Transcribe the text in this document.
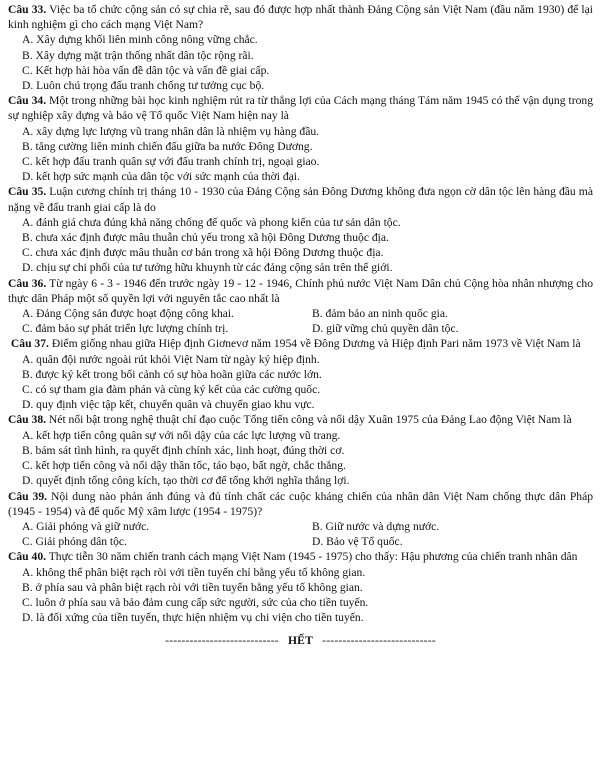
Câu 33. Việc ba tổ chức cộng sản có sự chia rẽ, sau đó được hợp nhất thành Đảng Cộng sản Việt Nam (đầu năm 1930) để lại kinh nghiệm gì cho cách mạng Việt Nam?

A. Xây dựng khối liên minh công nông vững chắc.

B. Xây dựng mặt trận thống nhất dân tộc rộng rãi.

C. Kết hợp hài hòa vấn đề dân tộc và vấn đề giai cấp.

D. Luôn chú trọng đấu tranh chống tư tưởng cục bộ.

Câu 34. Một trong những bài học kinh nghiệm rút ra từ thắng lợi của Cách mạng tháng Tám năm 1945 có thể vận dụng trong sự nghiệp xây dựng và bảo vệ Tổ quốc Việt Nam hiện nay là

A. xây dựng lực lượng vũ trang nhân dân là nhiệm vụ hàng đầu.

B. tăng cường liên minh chiến đấu giữa ba nước Đông Dương.

C. kết hợp đấu tranh quân sự với đấu tranh chính trị, ngoại giao.

D. kết hợp sức mạnh của dân tộc với sức mạnh của thời đại.

Câu 35. Luận cương chính trị tháng 10 - 1930 của Đảng Cộng sản Đông Dương không đưa ngọn cờ dân tộc lên hàng đầu mà nặng về đấu tranh giai cấp là do

A. đánh giá chưa đúng khả năng chống đế quốc và phong kiến của tư sản dân tộc.

B. chưa xác định được mâu thuẫn chủ yếu trong xã hội Đông Dương thuộc địa.

C. chưa xác định được mâu thuẫn cơ bản trong xã hội Đông Dương thuộc địa.

D. chịu sự chi phối của tư tưởng hữu khuynh từ các đảng cộng sản trên thế giới.

Câu 36. Từ ngày 6 - 3 - 1946 đến trước ngày 19 - 12 - 1946, Chính phủ nước Việt Nam Dân chủ Cộng hòa nhân nhượng cho thực dân Pháp một số quyền lợi với nguyên tắc cao nhất là

A. Đảng Cộng sản được hoạt động công khai.	B. đảm bảo an ninh quốc gia.
C. đảm bảo sự phát triển lực lượng chính trị.	D. giữ vững chủ quyền dân tộc.

Câu 37. Điểm giống nhau giữa Hiệp định Giơnevơ năm 1954 về Đông Dương và Hiệp định Pari năm 1973 về Việt Nam là

A. quân đội nước ngoài rút khỏi Việt Nam từ ngày ký hiệp định.

B. được ký kết trong bối cảnh có sự hòa hoãn giữa các nước lớn.

C. có sự tham gia đàm phán và cùng ký kết của các cường quốc.

D. quy định việc tập kết, chuyển quân và chuyển giao khu vực.

Câu 38. Nét nổi bật trong nghệ thuật chỉ đạo cuộc Tổng tiến công và nổi dậy Xuân 1975 của Đảng Lao động Việt Nam là

A. kết hợp tiến công quân sự với nổi dậy của các lực lượng vũ trang.

B. bám sát tình hình, ra quyết định chính xác, linh hoạt, đúng thời cơ.

C. kết hợp tiến công và nổi dậy thần tốc, táo bạo, bất ngờ, chắc thắng.

D. quyết định tổng công kích, tạo thời cơ để tổng khởi nghĩa thắng lợi.

Câu 39. Nội dung nào phản ánh đúng và đủ tính chất các cuộc kháng chiến của nhân dân Việt Nam chống thực dân Pháp (1945 - 1954) và đế quốc Mỹ xâm lược (1954 - 1975)?

A. Giải phóng và giữ nước.	B. Giữ nước và dựng nước.
C. Giải phóng dân tộc.	D. Bảo vệ Tổ quốc.

Câu 40. Thực tiễn 30 năm chiến tranh cách mạng Việt Nam (1945 - 1975) cho thấy: Hậu phương của chiến tranh nhân dân

A. không thể phân biệt rạch ròi với tiền tuyến chỉ bằng yếu tố không gian.

B. ở phía sau và phân biệt rạch ròi với tiền tuyến bằng yếu tố không gian.

C. luôn ở phía sau và bảo đảm cung cấp sức người, sức của cho tiền tuyến.

D. là đối xứng của tiền tuyến, thực hiện nhiệm vụ chi viện cho tiền tuyến.

---------------------------- HẾT ----------------------------
